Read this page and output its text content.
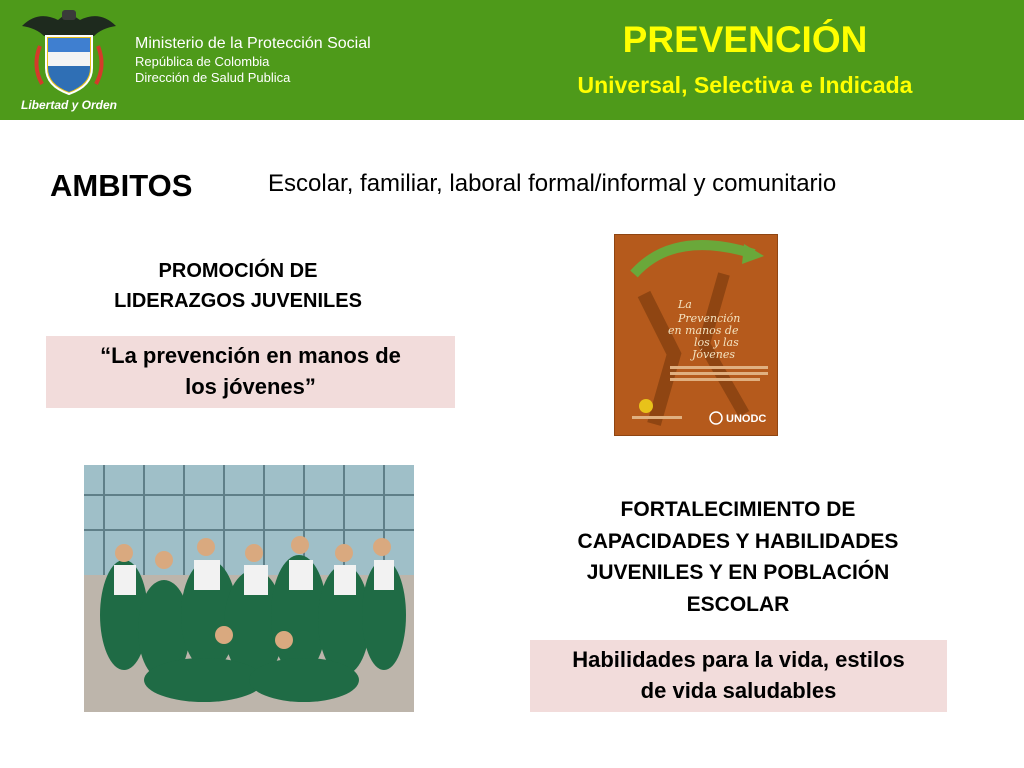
Libertad y Orden
Ministerio de la Protección Social
República de Colombia
Dirección de Salud Publica
PREVENCIÓN
Universal, Selectiva e Indicada
AMBITOS	Escolar, familiar, laboral formal/informal y comunitario
PROMOCIÓN DE
LIDERAZGOS JUVENILES
“La prevención en manos de
los jóvenes”
La
Prevención
en manos de
los y las
Jóvenes
UNODC
FORTALECIMIENTO DE
CAPACIDADES Y HABILIDADES
JUVENILES Y EN POBLACIÓN
ESCOLAR
Habilidades para la vida, estilos
de vida saludables
